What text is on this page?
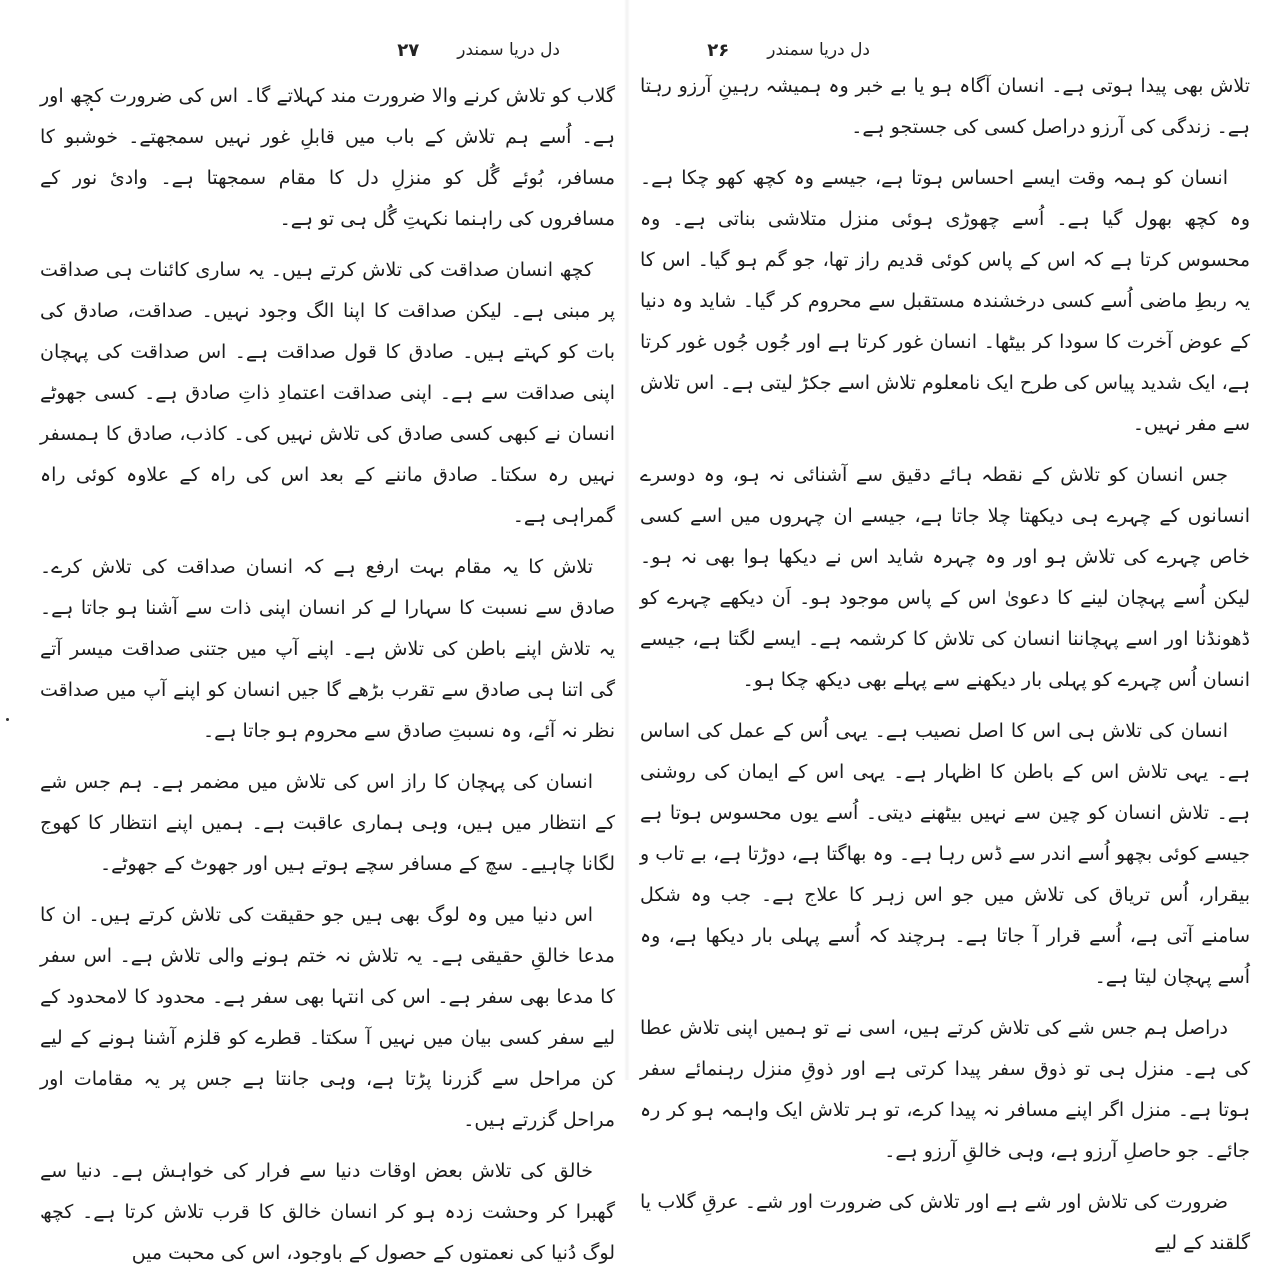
دل دریا سمندر
۲۷

گلاب کو تلاش کرنے والا ضرورت مند کہلاتے گا۔ اس کی ضرورت کچھ اور ہے۔ اُسے ہم تلاش کے باب میں قابلِ غور نہیں سمجھتے۔ خوشبو کا مسافر، بُوئے گُل کو منزلِ دل کا مقام سمجھتا ہے۔ وادیٔ نور کے مسافروں کی راہنما نکہتِ گُل ہی تو ہے۔

کچھ انسان صداقت کی تلاش کرتے ہیں۔ یہ ساری کائنات ہی صداقت پر مبنی ہے۔ لیکن صداقت کا اپنا الگ وجود نہیں۔ صداقت، صادق کی بات کو کہتے ہیں۔ صادق کا قول صداقت ہے۔ اس صداقت کی پہچان اپنی صداقت سے ہے۔ اپنی صداقت اعتمادِ ذاتِ صادق ہے۔ کسی جھوٹے انسان نے کبھی کسی صادق کی تلاش نہیں کی۔ کاذب، صادق کا ہمسفر نہیں رہ سکتا۔ صادق ماننے کے بعد اس کی راہ کے علاوہ کوئی راہ گمراہی ہے۔

تلاش کا یہ مقام بہت ارفع ہے کہ انسان صداقت کی تلاش کرے۔ صادق سے نسبت کا سہارا لے کر انسان اپنی ذات سے آشنا ہو جاتا ہے۔ یہ تلاش اپنے باطن کی تلاش ہے۔ اپنے آپ میں جتنی صداقت میسر آتے گی اتنا ہی صادق سے تقرب بڑھے گا جیں انسان کو اپنے آپ میں صداقت نظر نہ آئے، وہ نسبتِ صادق سے محروم ہو جاتا ہے۔

انسان کی پہچان کا راز اس کی تلاش میں مضمر ہے۔ ہم جس شے کے انتظار میں ہیں، وہی ہماری عاقبت ہے۔ ہمیں اپنے انتظار کا کھوج لگانا چاہیے۔ سچ کے مسافر سچے ہوتے ہیں اور جھوٹ کے جھوٹے۔

اس دنیا میں وہ لوگ بھی ہیں جو حقیقت کی تلاش کرتے ہیں۔ ان کا مدعا خالقِ حقیقی ہے۔ یہ تلاش نہ ختم ہونے والی تلاش ہے۔ اس سفر کا مدعا بھی سفر ہے۔ اس کی انتہا بھی سفر ہے۔ محدود کا لامحدود کے لیے سفر کسی بیان میں نہیں آ سکتا۔ قطرے کو قلزم آشنا ہونے کے لیے کن مراحل سے گزرنا پڑتا ہے، وہی جانتا ہے جس پر یہ مقامات اور مراحل گزرتے ہیں۔

خالق کی تلاش بعض اوقات دنیا سے فرار کی خواہش ہے۔ دنیا سے گھبرا کر وحشت زدہ ہو کر انسان خالق کا قرب تلاش کرتا ہے۔ کچھ لوگ دُنیا کی نعمتوں کے حصول کے باوجود، اس کی محبت میں

دل دریا سمندر
۲۶

تلاش بھی پیدا ہوتی ہے۔ انسان آگاہ ہو یا بے خبر وہ ہمیشہ رہینِ آرزو رہتا ہے۔ زندگی کی آرزو دراصل کسی کی جستجو ہے۔

انسان کو ہمہ وقت ایسے احساس ہوتا ہے، جیسے وہ کچھ کھو چکا ہے۔ وہ کچھ بھول گیا ہے۔ اُسے چھوڑی ہوئی منزل متلاشی بناتی ہے۔ وہ محسوس کرتا ہے کہ اس کے پاس کوئی قدیم راز تھا، جو گم ہو گیا۔ اس کا یہ ربطِ ماضی اُسے کسی درخشندہ مستقبل سے محروم کر گیا۔ شاید وہ دنیا کے عوض آخرت کا سودا کر بیٹھا۔ انسان غور کرتا ہے اور جُوں جُوں غور کرتا ہے، ایک شدید پیاس کی طرح ایک نامعلوم تلاش اسے جکڑ لیتی ہے۔ اس تلاش سے مفر نہیں۔

جس انسان کو تلاش کے نقطہ ہائے دقیق سے آشنائی نہ ہو، وہ دوسرے انسانوں کے چہرے ہی دیکھتا چلا جاتا ہے، جیسے ان چہروں میں اسے کسی خاص چہرے کی تلاش ہو اور وہ چہرہ شاید اس نے دیکھا ہوا بھی نہ ہو۔ لیکن اُسے پہچان لینے کا دعویٰ اس کے پاس موجود ہو۔ اَن دیکھے چہرے کو ڈھونڈنا اور اسے پہچاننا انسان کی تلاش کا کرشمہ ہے۔ ایسے لگتا ہے، جیسے انسان اُس چہرے کو پہلی بار دیکھنے سے پہلے بھی دیکھ چکا ہو۔

انسان کی تلاش ہی اس کا اصل نصیب ہے۔ یہی اُس کے عمل کی اساس ہے۔ یہی تلاش اس کے باطن کا اظہار ہے۔ یہی اس کے ایمان کی روشنی ہے۔ تلاش انسان کو چین سے نہیں بیٹھنے دیتی۔ اُسے یوں محسوس ہوتا ہے جیسے کوئی بچھو اُسے اندر سے ڈس رہا ہے۔ وہ بھاگتا ہے، دوڑتا ہے، بے تاب و بیقرار، اُس تریاق کی تلاش میں جو اس زہر کا علاج ہے۔ جب وہ شکل سامنے آتی ہے، اُسے قرار آ جاتا ہے۔ ہرچند کہ اُسے پہلی بار دیکھا ہے، وہ اُسے پہچان لیتا ہے۔

دراصل ہم جس شے کی تلاش کرتے ہیں، اسی نے تو ہمیں اپنی تلاش عطا کی ہے۔ منزل ہی تو ذوق سفر پیدا کرتی ہے اور ذوقِ منزل رہنمائے سفر ہوتا ہے۔ منزل اگر اپنے مسافر نہ پیدا کرے، تو ہر تلاش ایک واہمہ ہو کر رہ جائے۔ جو حاصلِ آرزو ہے، وہی خالقِ آرزو ہے۔

ضرورت کی تلاش اور شے ہے اور تلاش کی ضرورت اور شے۔ عرقِ گلاب یا گلقند کے لیے
